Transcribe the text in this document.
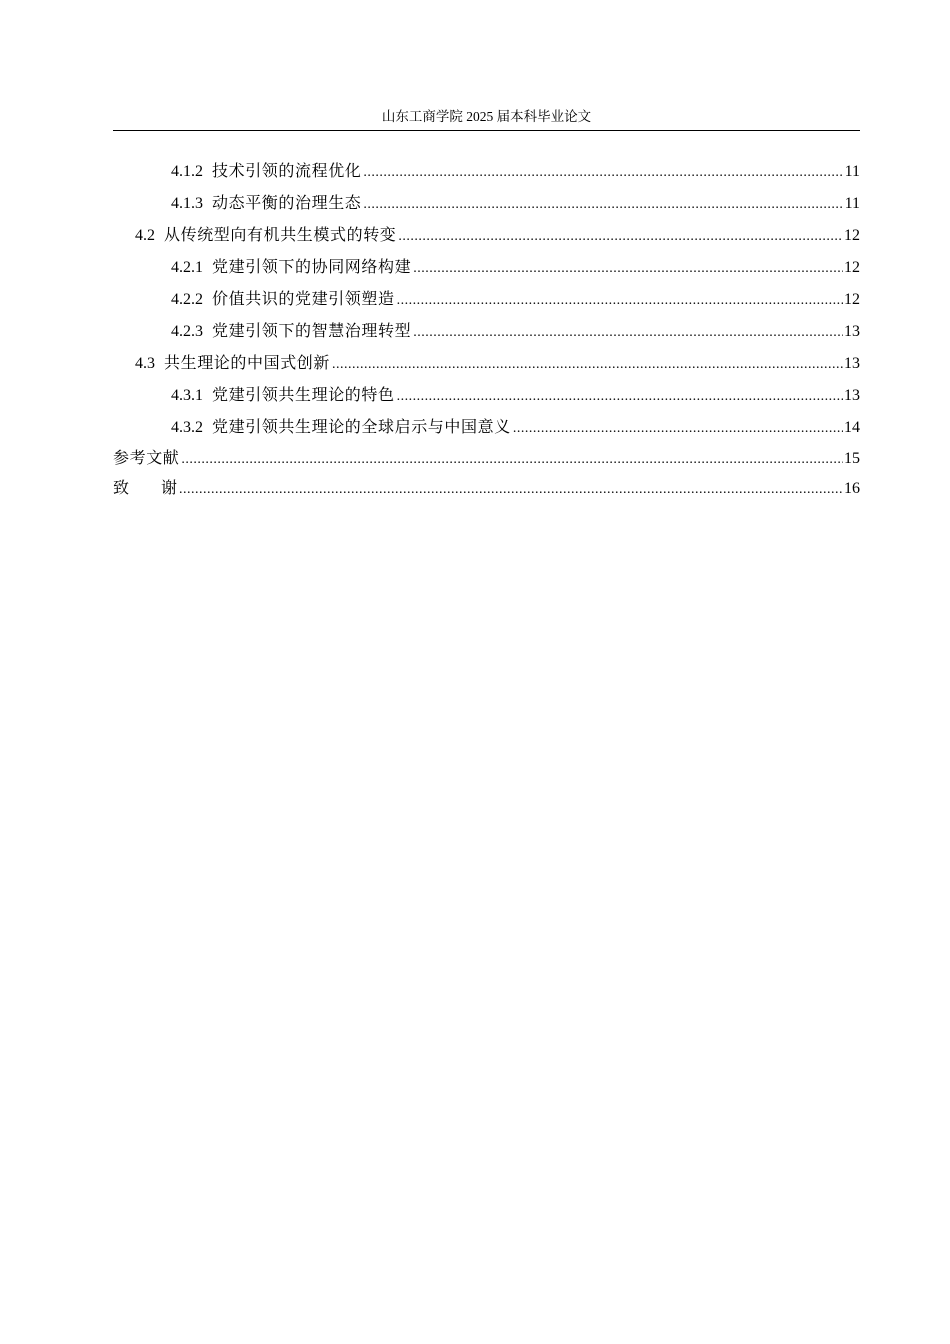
山东工商学院 2025 届本科毕业论文
4.1.2 技术引领的流程优化 .....	11
4.1.3 动态平衡的治理生态 .....	11
4.2 从传统型向有机共生模式的转变 .....	12
4.2.1 党建引领下的协同网络构建 .....	12
4.2.2 价值共识的党建引领塑造 .....	12
4.2.3 党建引领下的智慧治理转型 .....	13
4.3 共生理论的中国式创新 .....	13
4.3.1 党建引领共生理论的特色 .....	13
4.3.2 党建引领共生理论的全球启示与中国意义 .....	14
参考文献 .....	15
致 谢 .....	16
